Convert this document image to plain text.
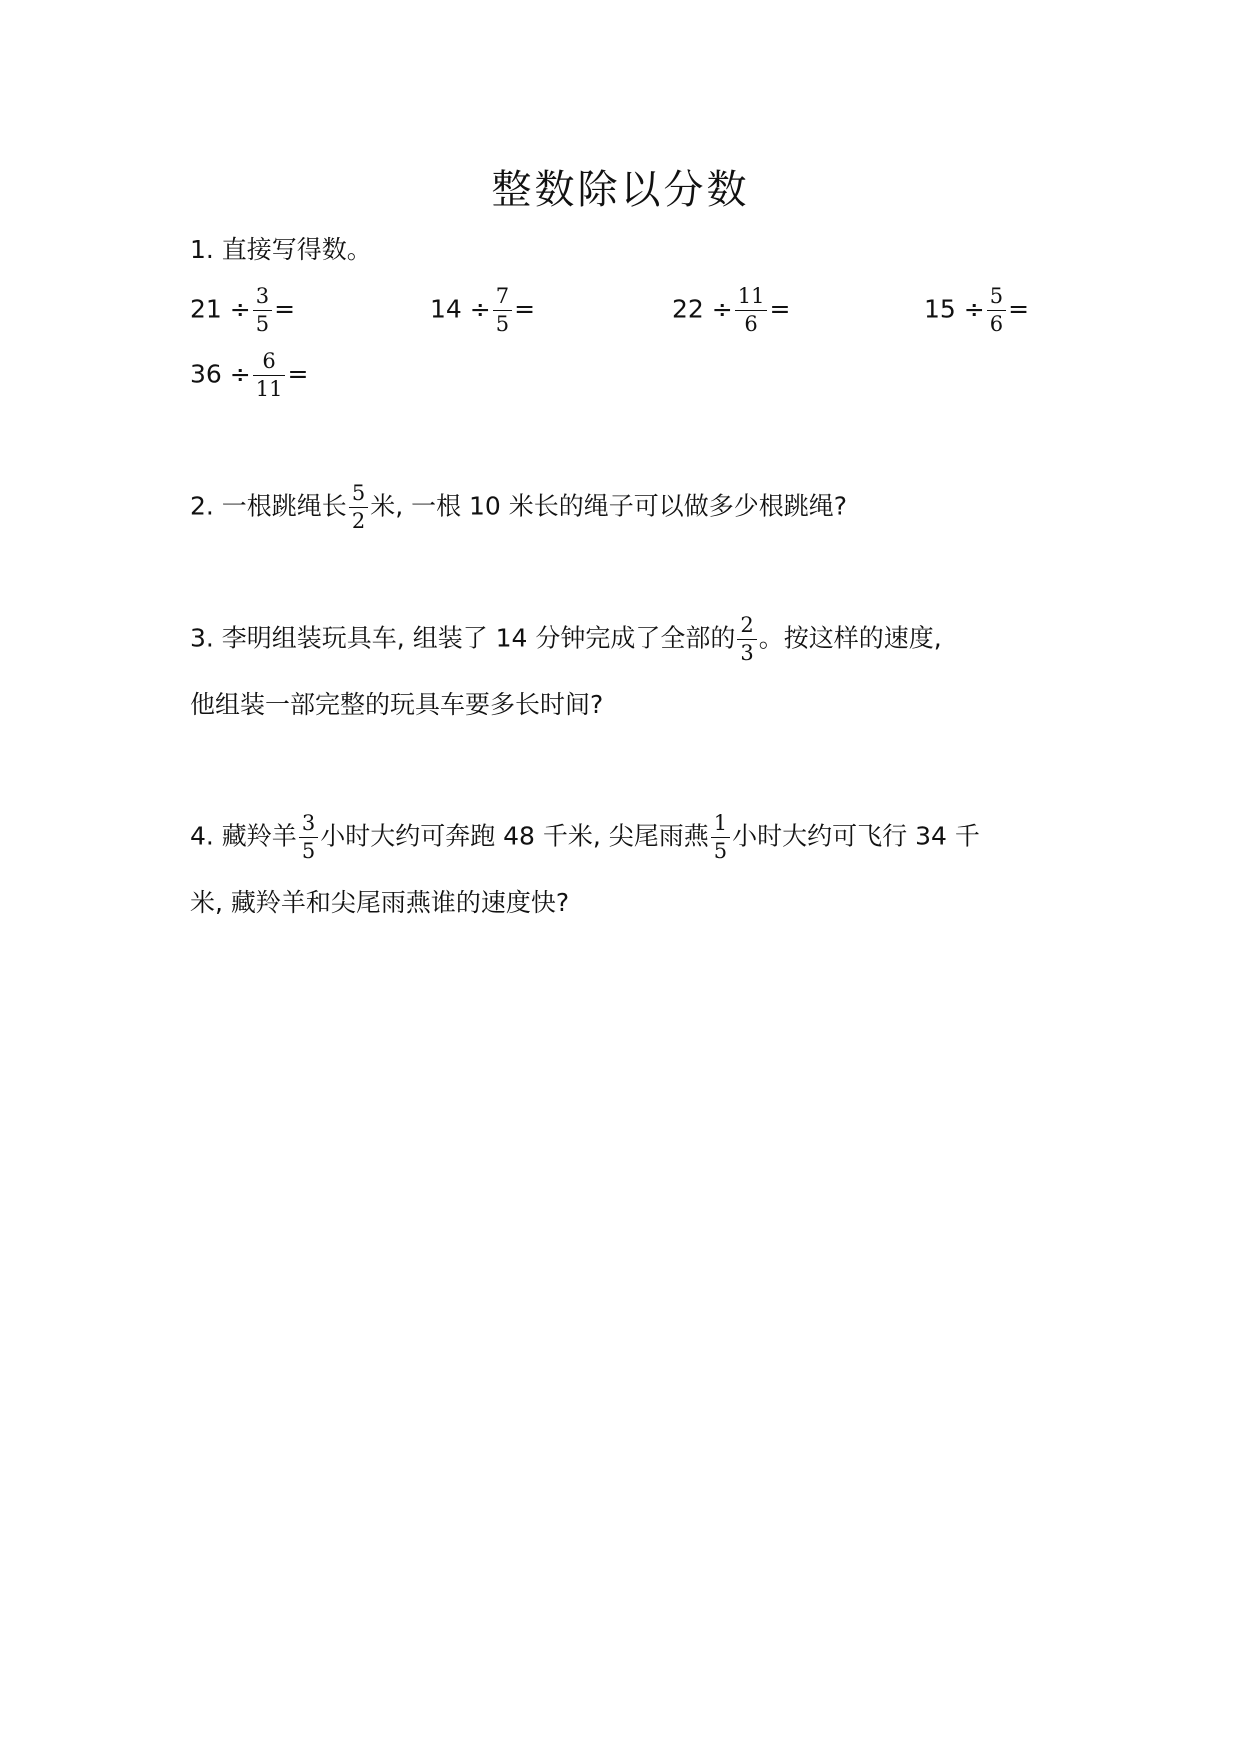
整数除以分数
1. 直接写得数。
$21 \div \frac{3}{5}$ =	$14 \div \frac{7}{5}$ =	$22 \div \frac{11}{6}$ =	$15 \div \frac{5}{6}$ =
$36 \div \frac{6}{11}$ =
2. 一根跳绳长 $\frac{5}{2}$ 米, 一根 10 米长的绳子可以做多少根跳绳?
3. 李明组装玩具车, 组装了 14 分钟完成了全部的 $\frac{2}{3}$ 。按这样的速度,
他组装一部完整的玩具车要多长时间?
4. 藏羚羊 $\frac{3}{5}$ 小时大约可奔跑 48 千米, 尖尾雨燕 $\frac{1}{5}$ 小时大约可飞行 34 千
米, 藏羚羊和尖尾雨燕谁的速度快?
